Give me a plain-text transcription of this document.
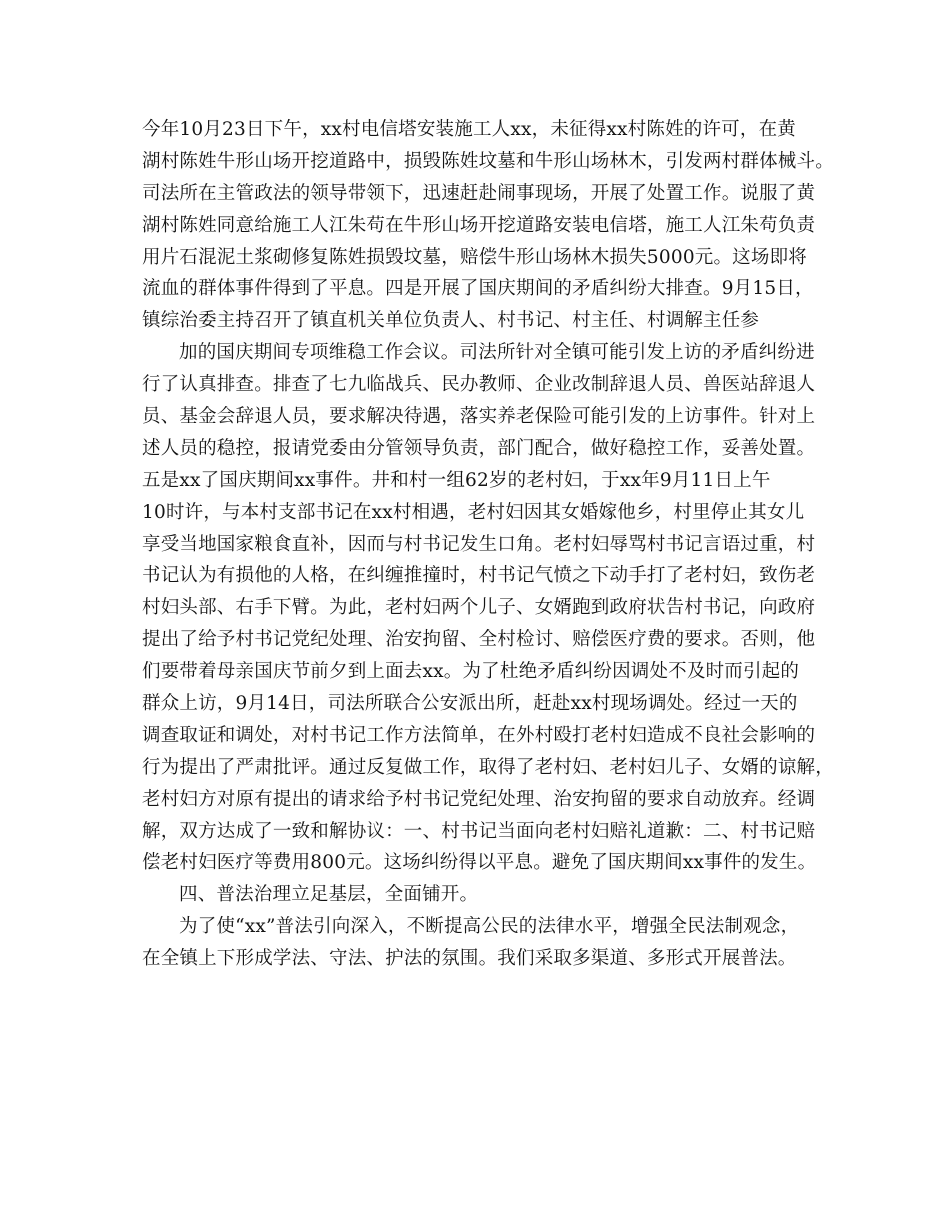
今年10月23日下午，xx村电信塔安装施工人xx，未征得xx村陈姓的许可，在黄
湖村陈姓牛形山场开挖道路中，损毁陈姓坟墓和牛形山场林木，引发两村群体械斗。
司法所在主管政法的领导带领下，迅速赶赴闹事现场，开展了处置工作。说服了黄
湖村陈姓同意给施工人江朱苟在牛形山场开挖道路安装电信塔，施工人江朱苟负责
用片石混泥土浆砌修复陈姓损毁坟墓，赔偿牛形山场林木损失5000元。这场即将
流血的群体事件得到了平息。四是开展了国庆期间的矛盾纠纷大排查。9月15日，
镇综治委主持召开了镇直机关单位负责人、村书记、村主任、村调解主任参
加的国庆期间专项维稳工作会议。司法所针对全镇可能引发上访的矛盾纠纷进
行了认真排查。排查了七九临战兵、民办教师、企业改制辞退人员、兽医站辞退人
员、基金会辞退人员，要求解决待遇，落实养老保险可能引发的上访事件。针对上
述人员的稳控，报请党委由分管领导负责，部门配合，做好稳控工作，妥善处置。
五是xx了国庆期间xx事件。井和村一组62岁的老村妇，于xx年9月11日上午
10时许，与本村支部书记在xx村相遇，老村妇因其女婚嫁他乡，村里停止其女儿
享受当地国家粮食直补，因而与村书记发生口角。老村妇辱骂村书记言语过重，村
书记认为有损他的人格，在纠缠推撞时，村书记气愤之下动手打了老村妇，致伤老
村妇头部、右手下臂。为此，老村妇两个儿子、女婿跑到政府状告村书记，向政府
提出了给予村书记党纪处理、治安拘留、全村检讨、赔偿医疗费的要求。否则，他
们要带着母亲国庆节前夕到上面去xx。为了杜绝矛盾纠纷因调处不及时而引起的
群众上访，9月14日，司法所联合公安派出所，赶赴xx村现场调处。经过一天的
调查取证和调处，对村书记工作方法简单，在外村殴打老村妇造成不良社会影响的
行为提出了严肃批评。通过反复做工作，取得了老村妇、老村妇儿子、女婿的谅解，
老村妇方对原有提出的请求给予村书记党纪处理、治安拘留的要求自动放弃。经调
解，双方达成了一致和解协议：一、村书记当面向老村妇赔礼道歉：二、村书记赔
偿老村妇医疗等费用800元。这场纠纷得以平息。避免了国庆期间xx事件的发生。
四、普法治理立足基层，全面铺开。
为了使“xx”普法引向深入，不断提高公民的法律水平，增强全民法制观念，
在全镇上下形成学法、守法、护法的氛围。我们采取多渠道、多形式开展普法。
